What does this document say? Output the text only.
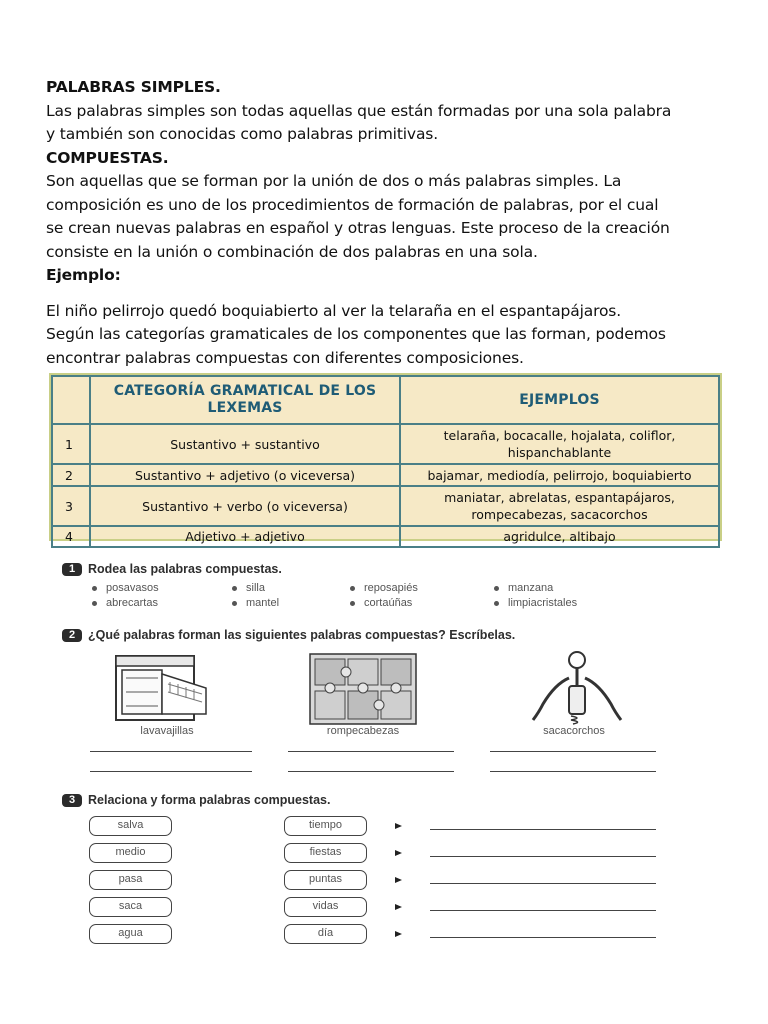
PALABRAS SIMPLES.

Las palabras simples son todas aquellas que están formadas por una sola palabra

y también son conocidas como palabras primitivas.

COMPUESTAS.

Son aquellas que se forman por la unión de dos o más palabras simples. La

composición es uno de los procedimientos de formación de palabras, por el cual

se crean nuevas palabras en español y otras lenguas. Este proceso de la creación

consiste en la unión o combinación de dos palabras en una sola.

Ejemplo:

El niño pelirrojo quedó boquiabierto al ver la telaraña en el espantapájaros.

Según las categorías gramaticales de los componentes que las forman, podemos

encontrar palabras compuestas con diferentes composiciones.

	CATEGORÍA GRAMATICAL DE LOS
LEXEMAS	EJEMPLOS
1	Sustantivo + sustantivo	telaraña, bocacalle, hojalata, coliflor,
hispanchablante

2	Sustantivo + adjetivo (o viceversa)	bajamar, mediodía, pelirrojo, boquiabierto
3	Sustantivo + verbo (o viceversa)	maniatar, abrelatas, espantapájaros,
rompecabezas, sacacorchos

4	Adjetivo + adjetivo	agridulce, altibajo
1	Rodea las palabras compuestas.
posavasos	silla	reposapiés	manzana
abrecartas	mantel	cortaúñas	limpiacristales
2	¿Qué palabras forman las siguientes palabras compuestas? Escríbelas.
lavavajillas	rompecabezas	sacacorchos
3	Relaciona y forma palabras compuestas.
salva
medio
pasa
saca
agua
tiempo
fiestas
puntas
vidas
día
